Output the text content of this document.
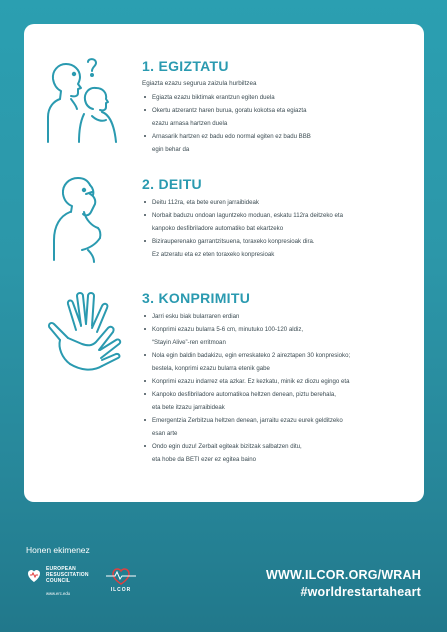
1. EGIZTATU
Egiaztа ezazu segurua zaizula hurbiltzea
Egiazta ezazu biktimak erantzun egiten duela
Okertu atzerantz haren burua, goratu kokotsa eta egiazta
ezazu arnasa hartzen duela
Arnasarik hartzen ez badu edo normal egiten ez badu BBB
egin behar da
2. DEITU
Deitu 112ra, eta bete euren jarraibideak
Norbait baduzu ondoan laguntzeko moduan, eskatu 112ra deitzeko eta
kanpoko desfibriladore automatiko bat ekartzeko
Bizirauperenako garrantzitsuena, toraxeko konpresioak dira.
Ez atzeratu eta ez eten toraxeko konpresioak
3. KONPRIMITU
Jarri esku biak bularraren erdian
Konprimi ezazu bularra 5-6 cm, minutuko 100-120 aldiz,
“Stayin Alive”-ren erritmoan
Nola egin baldin badakizu, egin erreskateko 2 aireztapen 30 konpresioko;
bestela, konprimi ezazu bularra etenik gabe
Konprimi ezazu indarrez eta azkar. Ez kezkatu, minik ez diozu egingo eta
Kanpoko desfibriladore automatikoa heltzen denean, piztu berehala,
eta bete itzazu jarraibideak
Emergentzia Zerbitzua heltzen denean, jarraitu ezazu eurek gelditzeko
esan arte
Ondo egin duzu! Zerbait egiteak bizitzak salbatzen ditu,
eta hobe da BETI ezer ez egitea baino
Honen ekimenez
EUROPEAN
RESUSCITATION
COUNCIL
www.erc.edu
ILCOR
WWW.ILCOR.ORG/WRAH
#worldrestartaheart
